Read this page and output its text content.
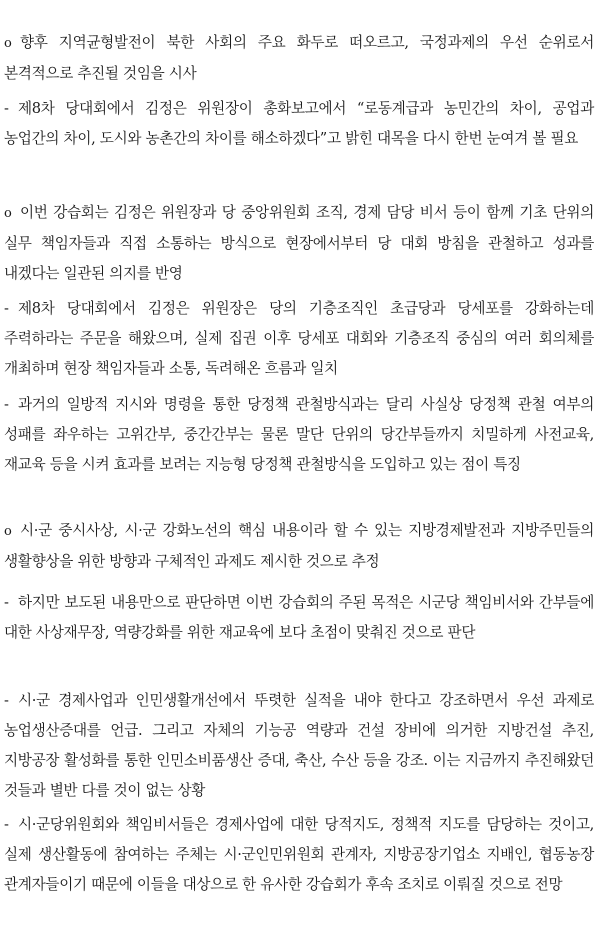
o 향후 지역균형발전이 북한 사회의 주요 화두로 떠오르고, 국정과제의 우선 순위로서 본격적으로 추진될 것임을 시사
- 제8차 당대회에서 김정은 위원장이 총화보고에서 “로동계급과 농민간의 차이, 공업과 농업간의 차이, 도시와 농촌간의 차이를 해소하겠다”고 밝힌 대목을 다시 한번 눈여겨 볼 필요
o 이번 강습회는 김정은 위원장과 당 중앙위원회 조직, 경제 담당 비서 등이 함께 기초 단위의 실무 책임자들과 직접 소통하는 방식으로 현장에서부터 당 대회 방침을 관철하고 성과를 내겠다는 일관된 의지를 반영
- 제8차 당대회에서 김정은 위원장은 당의 기층조직인 초급당과 당세포를 강화하는데 주력하라는 주문을 해왔으며, 실제 집권 이후 당세포 대회와 기층조직 중심의 여러 회의체를 개최하며 현장 책임자들과 소통, 독려해온 흐름과 일치
- 과거의 일방적 지시와 명령을 통한 당정책 관철방식과는 달리 사실상 당정책 관철 여부의 성패를 좌우하는 고위간부, 중간간부는 물론 말단 단위의 당간부들까지 치밀하게 사전교육, 재교육 등을 시켜 효과를 보려는 지능형 당정책 관철방식을 도입하고 있는 점이 특징
o 시·군 중시사상, 시·군 강화노선의 핵심 내용이라 할 수 있는 지방경제발전과 지방주민들의 생활향상을 위한 방향과 구체적인 과제도 제시한 것으로 추정
- 하지만 보도된 내용만으로 판단하면 이번 강습회의 주된 목적은 시군당 책임비서와 간부들에 대한 사상재무장, 역량강화를 위한 재교육에 보다 초점이 맞춰진 것으로 판단
- 시·군 경제사업과 인민생활개선에서 뚜렷한 실적을 내야 한다고 강조하면서 우선 과제로 농업생산증대를 언급. 그리고 자체의 기능공 역량과 건설 장비에 의거한 지방건설 추진, 지방공장 활성화를 통한 인민소비품생산 증대, 축산, 수산 등을 강조. 이는 지금까지 추진해왔던 것들과 별반 다를 것이 없는 상황
- 시·군당위원회와 책임비서들은 경제사업에 대한 당적지도, 정책적 지도를 담당하는 것이고, 실제 생산활동에 참여하는 주체는 시·군인민위원회 관계자, 지방공장기업소 지배인, 협동농장 관계자들이기 때문에 이들을 대상으로 한 유사한 강습회가 후속 조치로 이뤄질 것으로 전망
